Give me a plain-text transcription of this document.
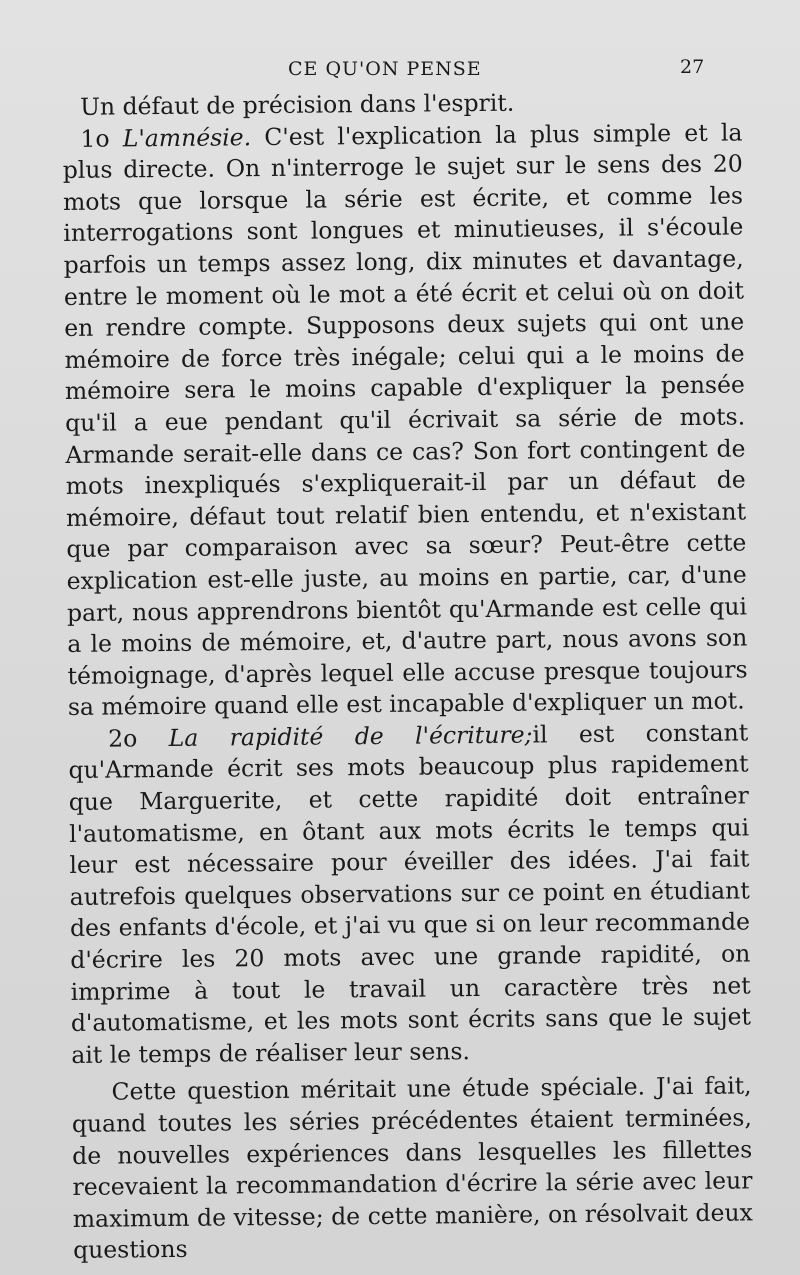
CE QU'ON PENSE	27

Un défaut de précision dans l'esprit.

1o L'amnésie. C'est l'explication la plus simple et la plus directe. On n'interroge le sujet sur le sens des 20 mots que lorsque la série est écrite, et comme les interrogations sont longues et minutieuses, il s'écoule parfois un temps assez long, dix minutes et davantage, entre le moment où le mot a été écrit et celui où on doit en rendre compte. Supposons deux sujets qui ont une mémoire de force très inégale; celui qui a le moins de mémoire sera le moins capable d'expliquer la pensée qu'il a eue pendant qu'il écrivait sa série de mots. Armande serait-elle dans ce cas? Son fort contingent de mots inexpliqués s'expliquerait-il par un défaut de mémoire, défaut tout relatif bien entendu, et n'existant que par comparaison avec sa sœur? Peut-être cette explication est-elle juste, au moins en partie, car, d'une part, nous apprendrons bientôt qu'Armande est celle qui a le moins de mémoire, et, d'autre part, nous avons son témoignage, d'après lequel elle accuse presque toujours sa mémoire quand elle est incapable d'expliquer un mot.

2o La rapidité de l'écriture;il est constant qu'Armande écrit ses mots beaucoup plus rapidement que Marguerite, et cette rapidité doit entraîner l'automatisme, en ôtant aux mots écrits le temps qui leur est nécessaire pour éveiller des idées. J'ai fait autrefois quelques observations sur ce point en étudiant des enfants d'école, et j'ai vu que si on leur recommande d'écrire les 20 mots avec une grande rapidité, on imprime à tout le travail un caractère très net d'automatisme, et les mots sont écrits sans que le sujet ait le temps de réaliser leur sens.

Cette question méritait une étude spéciale. J'ai fait, quand toutes les séries précédentes étaient terminées, de nouvelles expériences dans lesquelles les fillettes recevaient la recommandation d'écrire la série avec leur maximum de vitesse; de cette manière, on résolvait deux questions
